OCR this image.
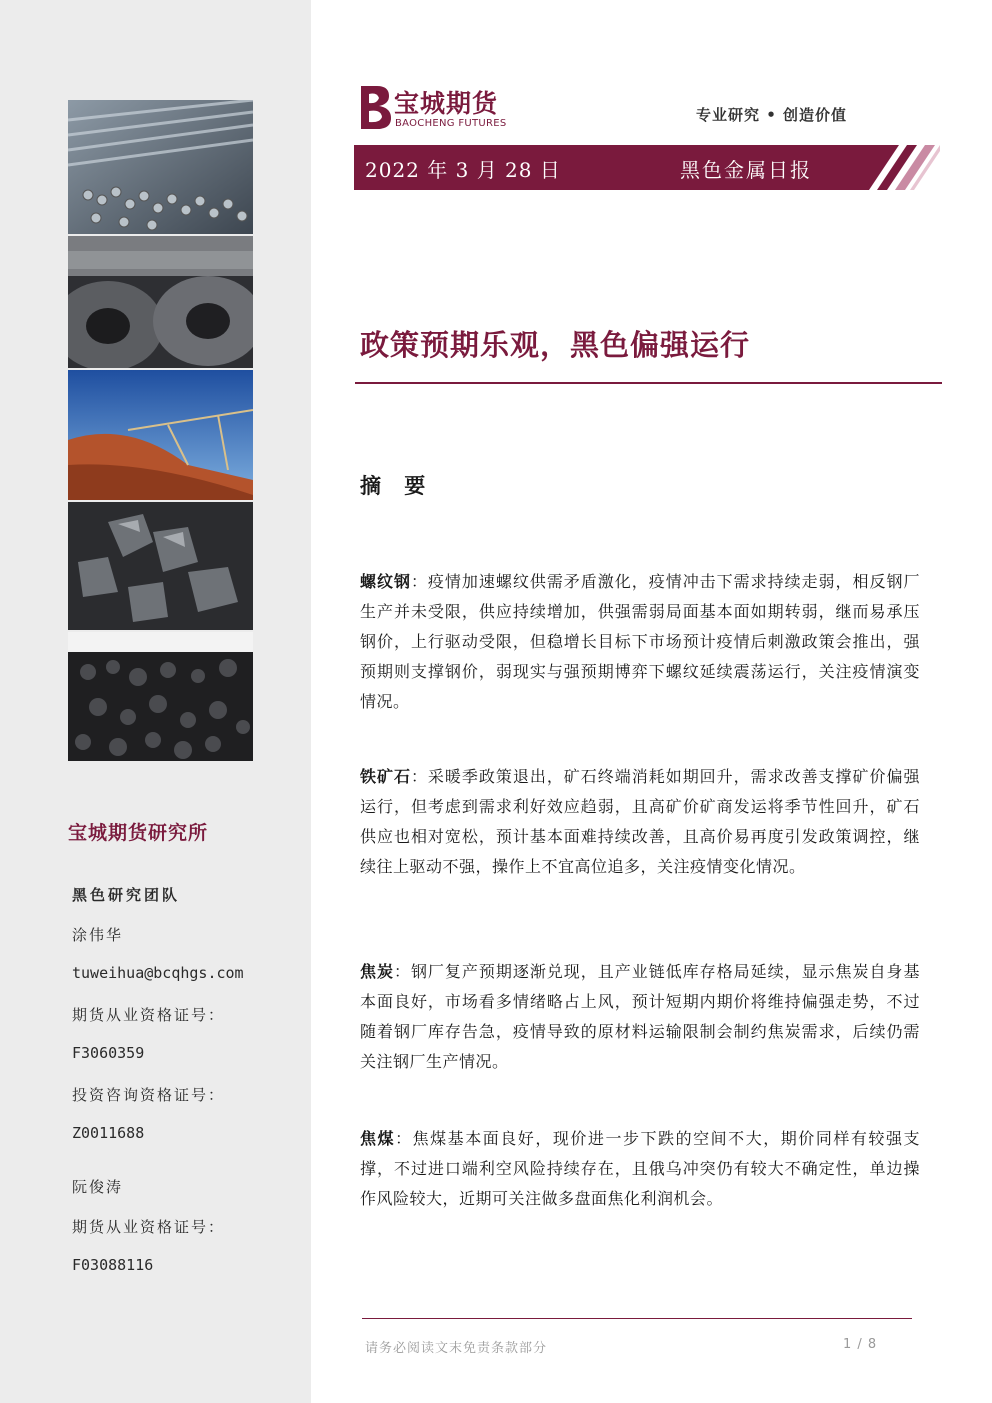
宝城期货研究所
黑色研究团队
涂伟华
tuweihua@bcqhgs.com
期货从业资格证号：
F3060359
投资咨询资格证号：
Z0011688
阮俊涛
期货从业资格证号：
F03088116
宝城期货
BAOCHENG FUTURES	专业研究 • 创造价值
2022 年 3 月 28 日	黑色金属日报
政策预期乐观，黑色偏强运行
摘 要
螺纹钢：疫情加速螺纹供需矛盾激化，疫情冲击下需求持续走弱，相反钢厂生产并未受限，供应持续增加，供强需弱局面基本面如期转弱，继而易承压钢价，上行驱动受限，但稳增长目标下市场预计疫情后刺激政策会推出，强预期则支撑钢价，弱现实与强预期博弈下螺纹延续震荡运行，关注疫情演变情况。
铁矿石：采暖季政策退出，矿石终端消耗如期回升，需求改善支撑矿价偏强运行，但考虑到需求利好效应趋弱，且高矿价矿商发运将季节性回升，矿石供应也相对宽松，预计基本面难持续改善，且高价易再度引发政策调控，继续往上驱动不强，操作上不宜高位追多，关注疫情变化情况。
焦炭：钢厂复产预期逐渐兑现，且产业链低库存格局延续，显示焦炭自身基本面良好，市场看多情绪略占上风，预计短期内期价将维持偏强走势，不过随着钢厂库存告急，疫情导致的原材料运输限制会制约焦炭需求，后续仍需关注钢厂生产情况。
焦煤：焦煤基本面良好，现价进一步下跌的空间不大，期价同样有较强支撑，不过进口端利空风险持续存在，且俄乌冲突仍有较大不确定性，单边操作风险较大，近期可关注做多盘面焦化利润机会。
请务必阅读文末免责条款部分	1 / 8
